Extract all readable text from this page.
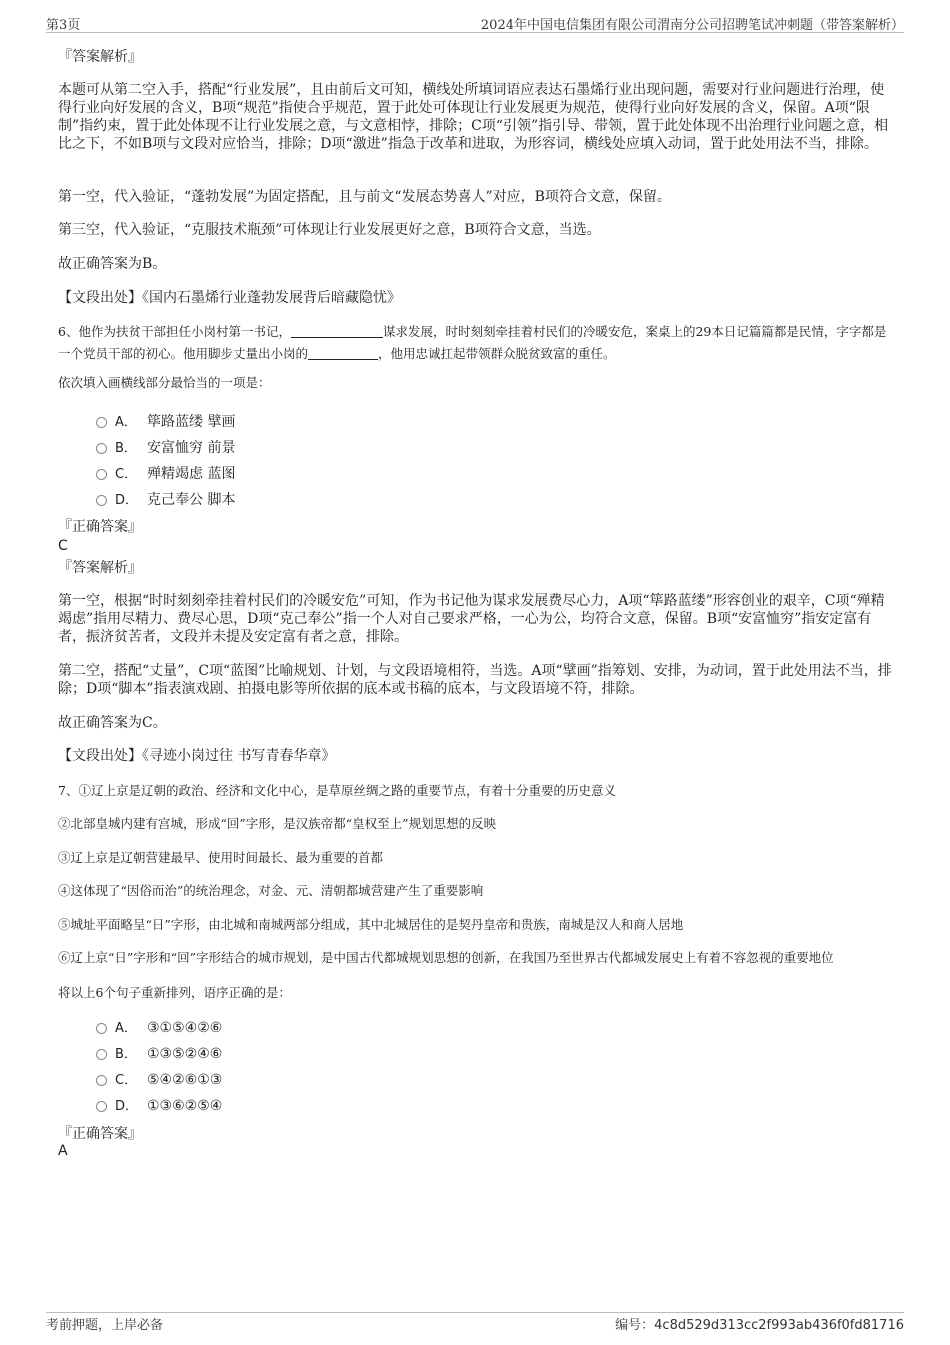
第3页	2024年中国电信集团有限公司渭南分公司招聘笔试冲刺题（带答案解析）
『答案解析』
本题可从第二空入手，搭配“行业发展”，且由前后文可知，横线处所填词语应表达石墨烯行业出现问题，需要对行业问题进行治理，使得行业向好发展的含义，B项“规范”指使合乎规范，置于此处可体现让行业发展更为规范，使得行业向好发展的含义，保留。A项“限制”指约束，置于此处体现不让行业发展之意，与文意相悖，排除；C项“引领”指引导、带领，置于此处体现不出治理行业问题之意，相比之下，不如B项与文段对应恰当，排除；D项“激进”指急于改革和进取，为形容词，横线处应填入动词，置于此处用法不当，排除。
第一空，代入验证，“蓬勃发展”为固定搭配，且与前文“发展态势喜人”对应，B项符合文意，保留。
第三空，代入验证，“克服技术瓶颈”可体现让行业发展更好之意，B项符合文意，当选。
故正确答案为B。
【文段出处】《国内石墨烯行业蓬勃发展背后暗藏隐忧》
6、他作为扶贫干部担任小岗村第一书记，	谋求发展，时时刻刻牵挂着村民们的冷暖安危，案桌上的29本日记篇篇都是民情，字字都是一个党员干部的初心。他用脚步丈量出小岗的	，他用忠诚扛起带领群众脱贫致富的重任。
依次填入画横线部分最恰当的一项是：
A． 筚路蓝缕 擘画
B． 安富恤穷 前景
C． 殚精竭虑 蓝图
D． 克己奉公 脚本
『正确答案』
C
『答案解析』
第一空，根据“时时刻刻牵挂着村民们的冷暖安危”可知，作为书记他为谋求发展费尽心力，A项“筚路蓝缕”形容创业的艰辛，C项“殚精竭虑”指用尽精力、费尽心思，D项“克己奉公”指一个人对自己要求严格，一心为公，均符合文意，保留。B项“安富恤穷”指安定富有者，振济贫苦者，文段并未提及安定富有者之意，排除。
第二空，搭配“丈量”，C项“蓝图”比喻规划、计划，与文段语境相符，当选。A项“擘画”指筹划、安排，为动词，置于此处用法不当，排除；D项“脚本”指表演戏剧、拍摄电影等所依据的底本或书稿的底本，与文段语境不符，排除。
故正确答案为C。
【文段出处】《寻迹小岗过往 书写青春华章》
7、①辽上京是辽朝的政治、经济和文化中心，是草原丝绸之路的重要节点，有着十分重要的历史意义
②北部皇城内建有宫城，形成“回”字形，是汉族帝都“皇权至上”规划思想的反映
③辽上京是辽朝营建最早、使用时间最长、最为重要的首都
④这体现了“因俗而治”的统治理念，对金、元、清朝都城营建产生了重要影响
⑤城址平面略呈“日”字形，由北城和南城两部分组成，其中北城居住的是契丹皇帝和贵族，南城是汉人和商人居地
⑥辽上京“日”字形和“回”字形结合的城市规划，是中国古代都城规划思想的创新，在我国乃至世界古代都城发展史上有着不容忽视的重要地位
将以上6个句子重新排列，语序正确的是：
A． ③①⑤④②⑥
B． ①③⑤②④⑥
C． ⑤④②⑥①③
D． ①③⑥②⑤④
『正确答案』
A
考前押题，上岸必备	编号：4c8d529d313cc2f993ab436f0fd81716
